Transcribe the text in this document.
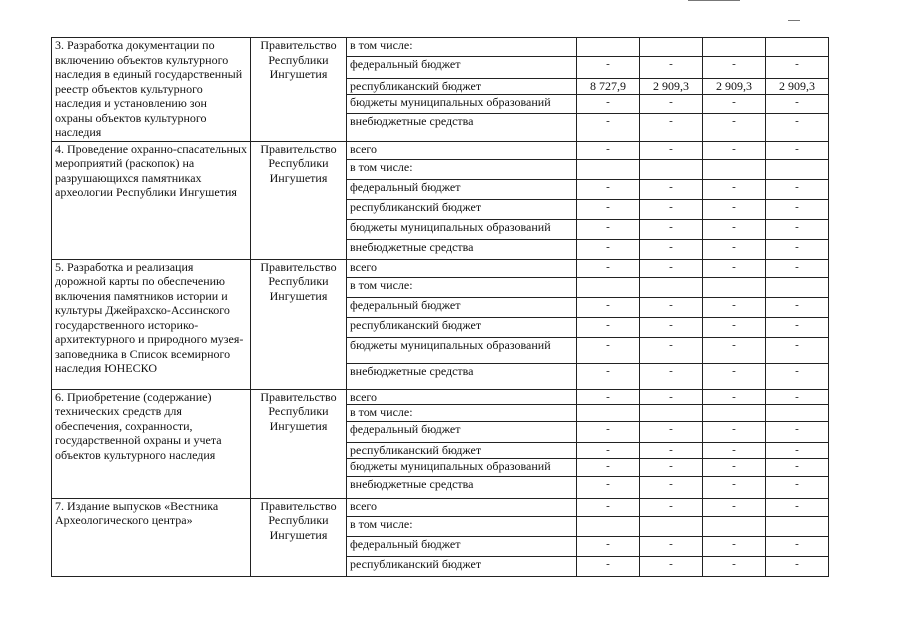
3. Разработка документации по включению объектов культурного наследия в единый государственный реестр объектов культурного наследия и установлению зон охраны объектов культурного наследия	Правительство Республики Ингушетия	в том числе:				
		федеральный бюджет	-	-	-	-
		республиканский бюджет	8 727,9	2 909,3	2 909,3	2 909,3
		бюджеты муниципальных образований	-	-	-	-
		внебюджетные средства	-	-	-	-
4. Проведение охранно-спасательных мероприятий (раскопок) на разрушающихся памятниках археологии Республики Ингушетия	Правительство Республики Ингушетия	всего	-	-	-	-
		в том числе:				
		федеральный бюджет	-	-	-	-
		республиканский бюджет	-	-	-	-
		бюджеты муниципальных образований	-	-	-	-
		внебюджетные средства	-	-	-	-
5. Разработка и реализация дорожной карты по обеспечению включения памятников истории и культуры Джейрахско-Ассинского государственного историко-архитектурного и природного музея-заповедника в Список всемирного наследия ЮНЕСКО	Правительство Республики Ингушетия	всего	-	-	-	-
		в том числе:				
		федеральный бюджет	-	-	-	-
		республиканский бюджет	-	-	-	-
		бюджеты муниципальных образований	-	-	-	-
		внебюджетные средства	-	-	-	-
6. Приобретение (содержание) технических средств для обеспечения, сохранности, государственной охраны и учета объектов культурного наследия	Правительство Республики Ингушетия	всего	-	-	-	-
		в том числе:				
		федеральный бюджет	-	-	-	-
		республиканский бюджет	-	-	-	-
		бюджеты муниципальных образований	-	-	-	-
		внебюджетные средства	-	-	-	-
7. Издание выпусков «Вестника Археологического центра»	Правительство Республики Ингушетия	всего	-	-	-	-
		в том числе:				
		федеральный бюджет	-	-	-	-
		республиканский бюджет	-	-	-	-
